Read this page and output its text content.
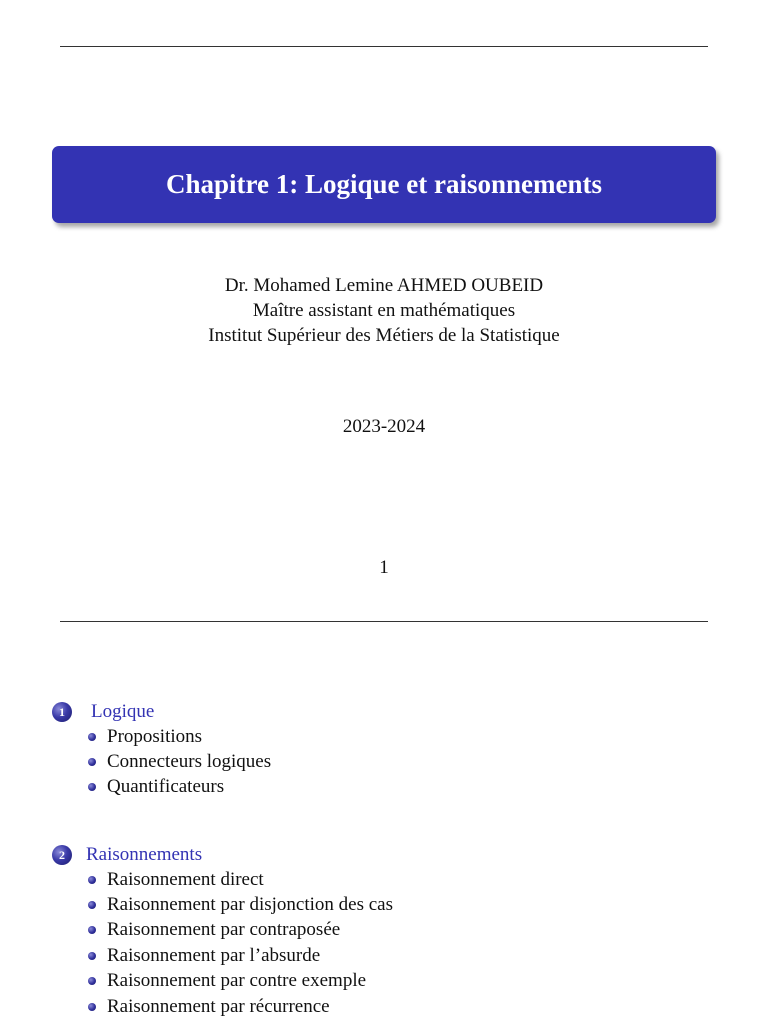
Chapitre 1: Logique et raisonnements
Dr. Mohamed Lemine AHMED OUBEID
Maître assistant en mathématiques
Institut Supérieur des Métiers de la Statistique
2023-2024
1
1	Logique
Propositions
Connecteurs logiques
Quantificateurs
2	Raisonnements
Raisonnement direct
Raisonnement par disjonction des cas
Raisonnement par contraposée
Raisonnement par l’absurde
Raisonnement par contre exemple
Raisonnement par récurrence
